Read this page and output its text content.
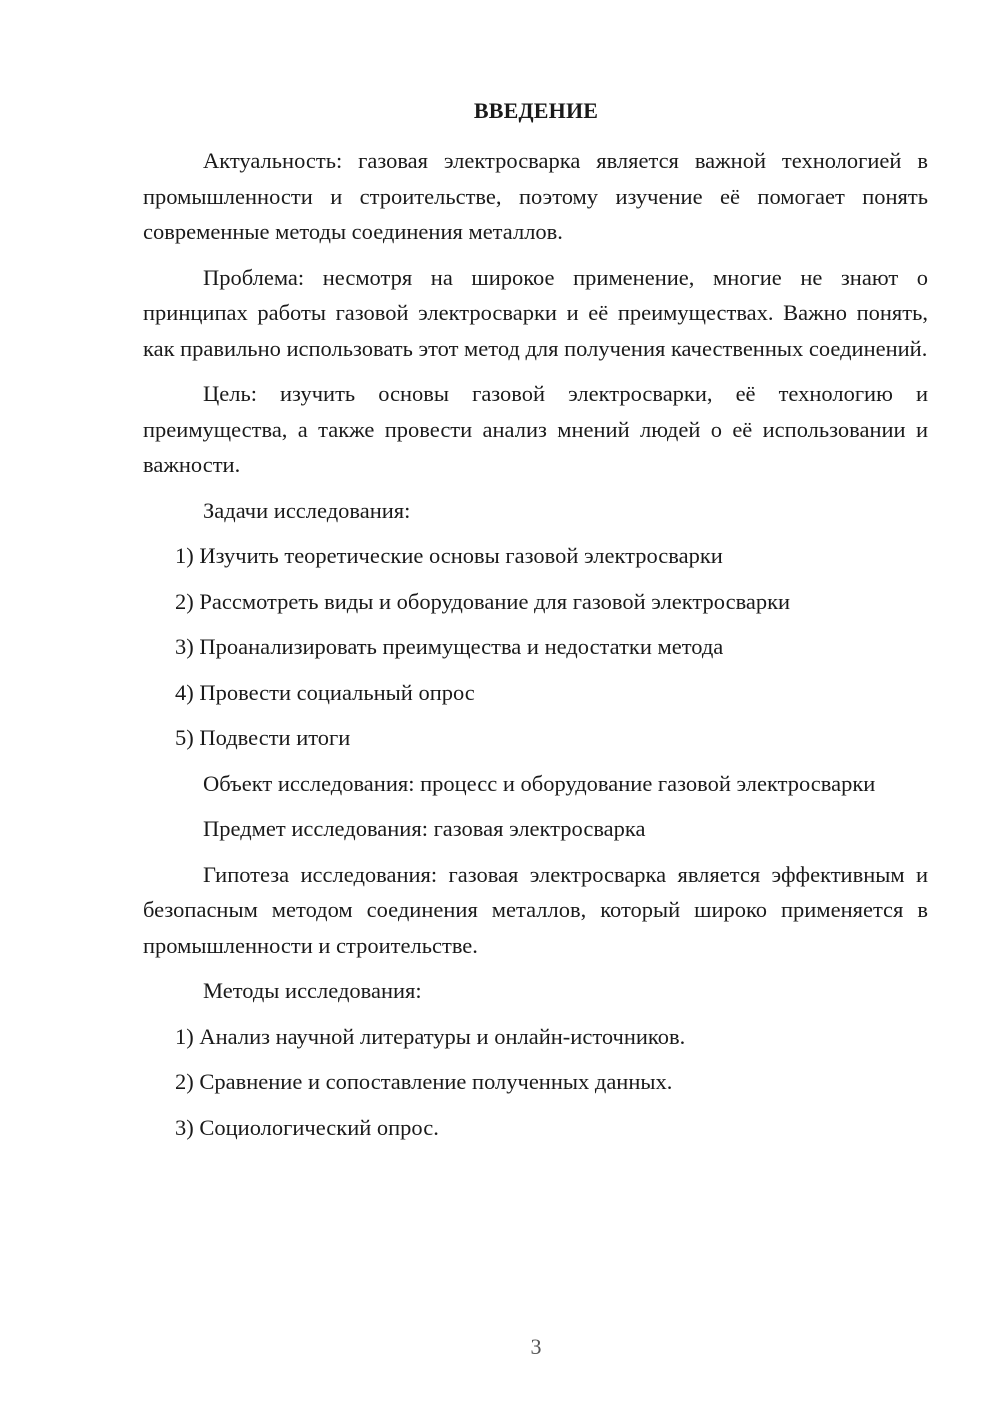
ВВЕДЕНИЕ

Актуальность: газовая электросварка является важной технологией в промышленности и строительстве, поэтому изучение её помогает понять современные методы соединения металлов.

Проблема: несмотря на широкое применение, многие не знают о принципах работы газовой электросварки и её преимуществах. Важно понять, как правильно использовать этот метод для получения качественных соединений.

Цель: изучить основы газовой электросварки, её технологию и преимущества, а также провести анализ мнений людей о её использовании и важности.

Задачи исследования:

1) Изучить теоретические основы газовой электросварки

2) Рассмотреть виды и оборудование для газовой электросварки

3) Проанализировать преимущества и недостатки метода

4) Провести социальный опрос

5) Подвести итоги

Объект исследования: процесс и оборудование газовой электросварки

Предмет исследования: газовая электросварка

Гипотеза исследования: газовая электросварка является эффективным и безопасным методом соединения металлов, который широко применяется в промышленности и строительстве.

Методы исследования:

1) Анализ научной литературы и онлайн-источников.

2) Сравнение и сопоставление полученных данных.

3) Социологический опрос.

3
